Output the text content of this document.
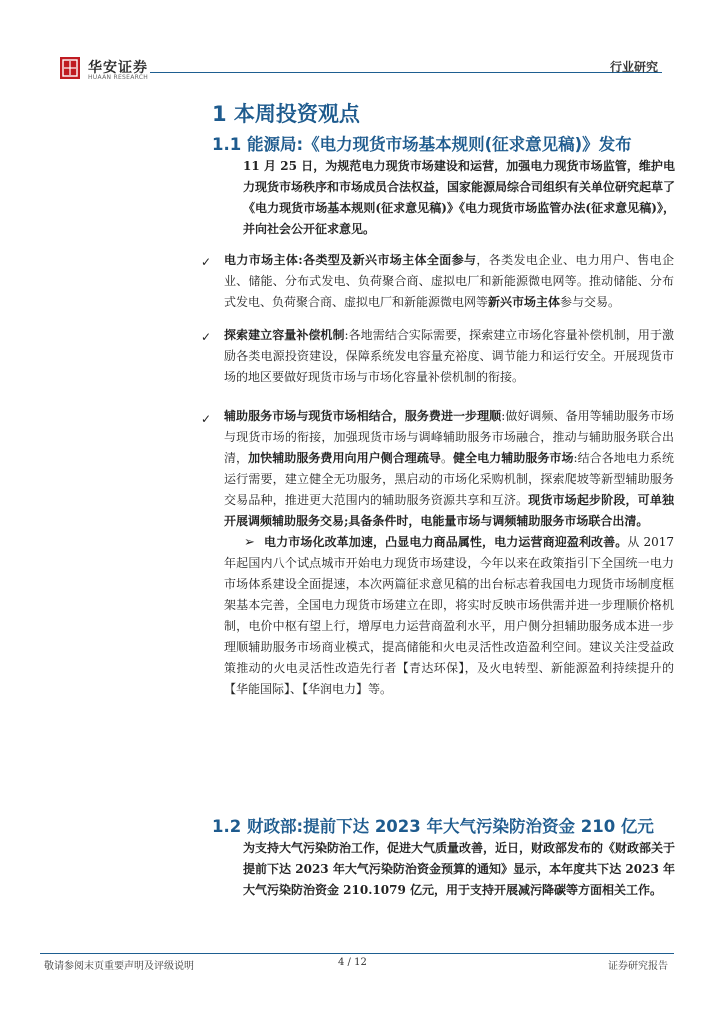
华安证券
HUAAN RESEARCH
行业研究
1 本周投资观点
1.1 能源局:《电力现货市场基本规则(征求意见稿)》发布
11 月 25 日，为规范电力现货市场建设和运营，加强电力现货市场监管，维护电力现货市场秩序和市场成员合法权益，国家能源局综合司组织有关单位研究起草了《电力现货市场基本规则(征求意见稿)》《电力现货市场监管办法(征求意见稿)》，并向社会公开征求意见。
✓ 电力市场主体:各类型及新兴市场主体全面参与，各类发电企业、电力用户、售电企业、储能、分布式发电、负荷聚合商、虚拟电厂和新能源微电网等。推动储能、分布式发电、负荷聚合商、虚拟电厂和新能源微电网等新兴市场主体参与交易。
✓ 探索建立容量补偿机制:各地需结合实际需要，探索建立市场化容量补偿机制，用于激励各类电源投资建设，保障系统发电容量充裕度、调节能力和运行安全。开展现货市场的地区要做好现货市场与市场化容量补偿机制的衔接。
✓ 辅助服务市场与现货市场相结合，服务费进一步理顺:做好调频、备用等辅助服务市场与现货市场的衔接，加强现货市场与调峰辅助服务市场融合，推动与辅助服务联合出清，加快辅助服务费用向用户侧合理疏导。健全电力辅助服务市场:结合各地电力系统运行需要，建立健全无功服务，黑启动的市场化采购机制，探索爬坡等新型辅助服务交易品种，推进更大范围内的辅助服务资源共享和互济。现货市场起步阶段，可单独开展调频辅助服务交易;具备条件时，电能量市场与调频辅助服务市场联合出清。
➢ 电力市场化改革加速，凸显电力商品属性，电力运营商迎盈利改善。从 2017 年起国内八个试点城市开始电力现货市场建设，今年以来在政策指引下全国统一电力市场体系建设全面提速，本次两篇征求意见稿的出台标志着我国电力现货市场制度框架基本完善，全国电力现货市场建立在即，将实时反映市场供需并进一步理顺价格机制，电价中枢有望上行，增厚电力运营商盈利水平，用户侧分担辅助服务成本进一步理顺辅助服务市场商业模式，提高储能和火电灵活性改造盈利空间。建议关注受益政策推动的火电灵活性改造先行者【青达环保】，及火电转型、新能源盈利持续提升的【华能国际】、【华润电力】等。
1.2 财政部:提前下达 2023 年大气污染防治资金 210 亿元
为支持大气污染防治工作，促进大气质量改善，近日，财政部发布的《财政部关于提前下达 2023 年大气污染防治资金预算的通知》显示，本年度共下达 2023 年大气污染防治资金 210.1079 亿元，用于支持开展减污降碳等方面相关工作。
敬请参阅末页重要声明及评级说明	4 / 12	证券研究报告
